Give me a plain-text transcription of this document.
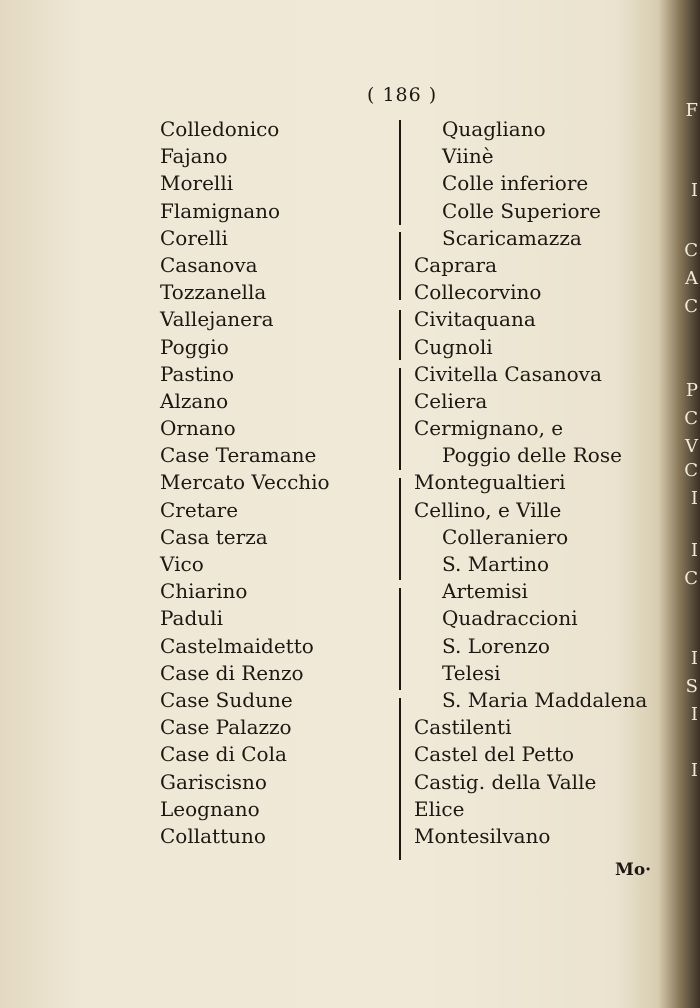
( 186 )
Colledonico
Fajano
Morelli
Flamignano
Corelli
Casanova
Tozzanella
Vallejanera
Poggio
Pastino
Alzano
Ornano
Case Teramane
Mercato Vecchio
Cretare
Casa terza
Vico
Chiarino
Paduli
Castelmaidetto
Case di Renzo
Case Sudune
Case Palazzo
Case di Cola
Gariscisno
Leognano
Collattuno
Quagliano
Viinè
Colle inferiore
Colle Superiore
Scaricamazza
Caprara
Collecorvino
Civitaquana
Cugnoli
Civitella Casanova
Celiera
Cermignano, e
Poggio delle Rose
Montegualtieri
Cellino, e Ville
Colleraniero
S. Martino
Artemisi
Quadraccioni
S. Lorenzo
Telesi
S. Maria Maddalena
Castilenti
Castel del Petto
Castig. della Valle
Elice
Montesilvano
Mo·
F
I
C
A
C
P
C
V
C
I
I
C
I
S
I
I
